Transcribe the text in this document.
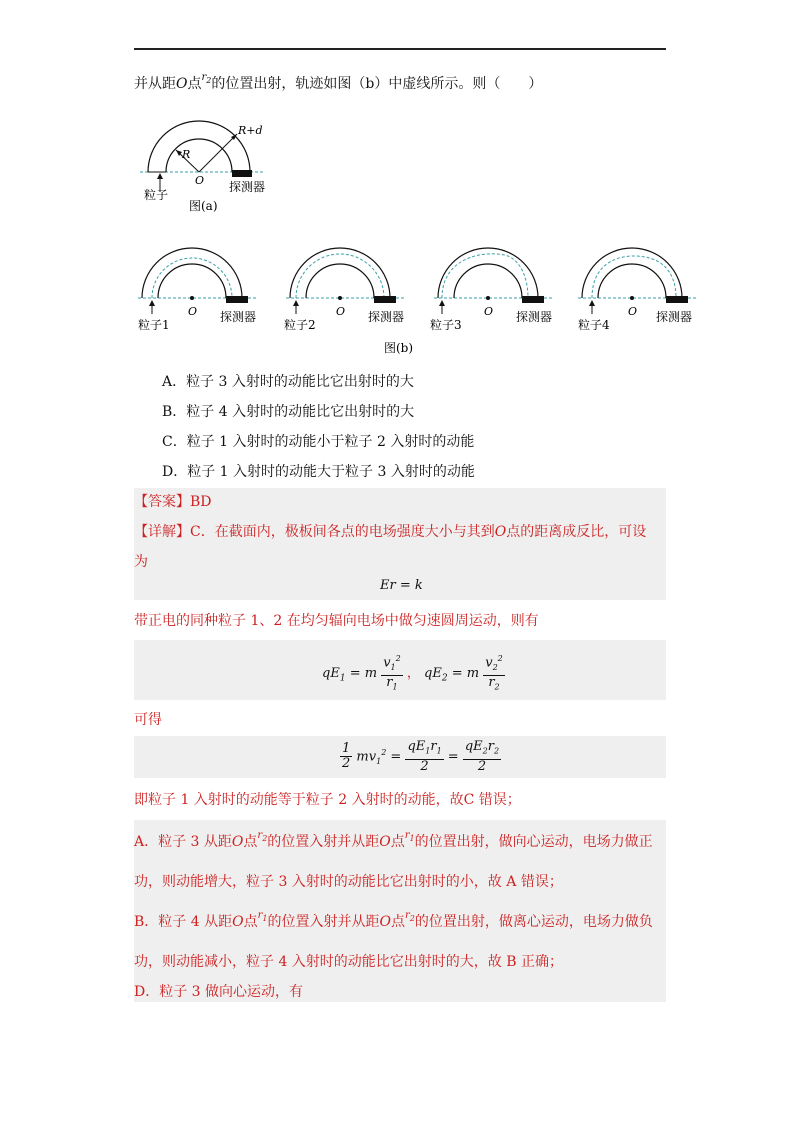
并从距O点$^{r_2}$的位置出射，轨迹如图（b）中虚线所示。则（　　）
R
R+d
O
粒子
探测器
图(a)
粒子1
O 探测器
粒子2
O 探测器
粒子3
O 探测器
粒子4
O 探测器
图(b)
A．粒子 3 入射时的动能比它出射时的大
B．粒子 4 入射时的动能比它出射时的大
C．粒子 1 入射时的动能小于粒子 2 入射时的动能
D．粒子 1 入射时的动能大于粒子 3 入射时的动能
【答案】BD
【详解】C．在截面内，极板间各点的电场强度大小与其到O点的距离成反比，可设
为
Er = k
带正电的同种粒子 1、2 在均匀辐向电场中做匀速圆周运动，则有
$qE_1 = m \frac{v_1^2}{r_1}$ ， $qE_2 = m \frac{v_2^2}{r_2}$
可得
$\frac{1}{2} mv_1^2 = \frac{qE_1r_1}{2} = \frac{qE_2r_2}{2}$
即粒子 1 入射时的动能等于粒子 2 入射时的动能，故C 错误；
A．粒子 3 从距O点$^{r_2}$的位置入射并从距O点$^{r_1}$的位置出射，做向心运动，电场力做正
功，则动能增大，粒子 3 入射时的动能比它出射时的小，故 A 错误；
B．粒子 4 从距O点$^{r_1}$的位置入射并从距O点$^{r_2}$的位置出射，做离心运动，电场力做负
功，则动能减小，粒子 4 入射时的动能比它出射时的大，故 B 正确；
D．粒子 3 做向心运动，有
